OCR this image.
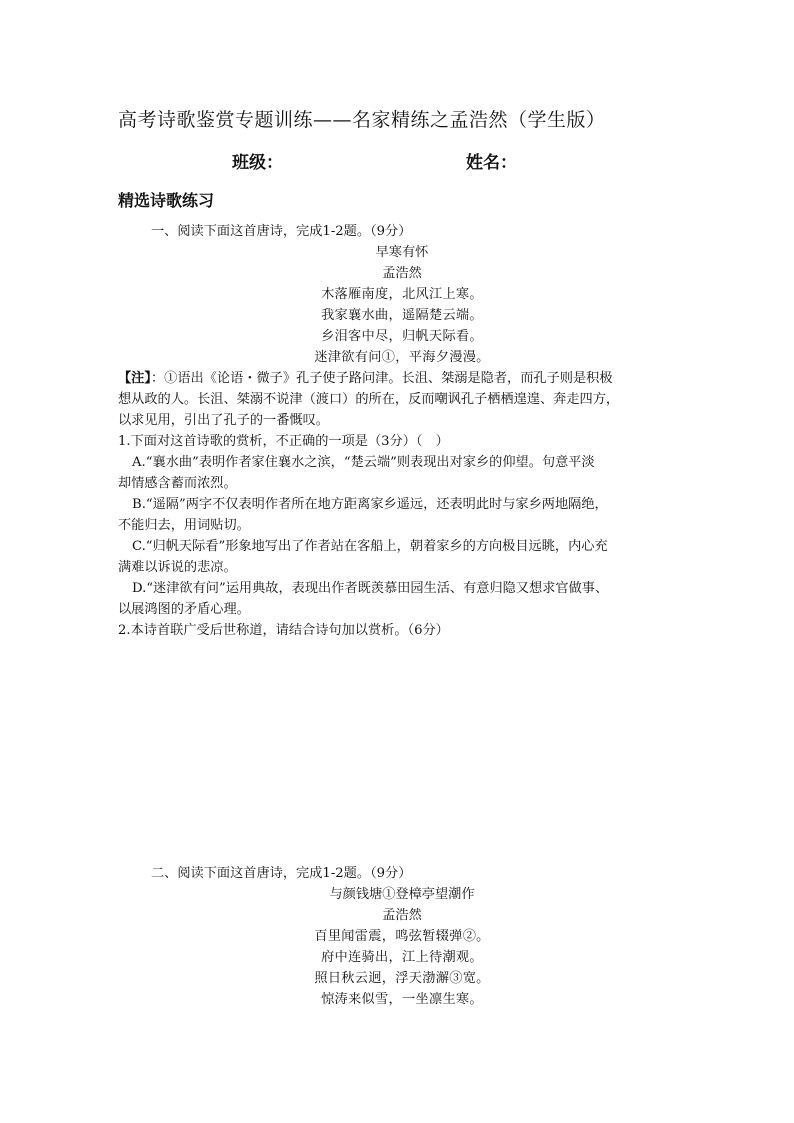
高考诗歌鉴赏专题训练——名家精练之孟浩然（学生版）
班级：	姓名：
精选诗歌练习
一、阅读下面这首唐诗，完成1-2题。（9分）
早寒有怀
孟浩然
木落雁南度，北风江上寒。
我家襄水曲，遥隔楚云端。
乡泪客中尽，归帆天际看。
迷津欲有问①，平海夕漫漫。
【注】：①语出《论语・微子》孔子使子路问津。长沮、桀溺是隐者，而孔子则是积极
想从政的人。长沮、桀溺不说津（渡口）的所在，反而嘲讽孔子栖栖遑遑、奔走四方，
以求见用，引出了孔子的一番慨叹。
1.下面对这首诗歌的赏析，不正确的一项是（3分）（　）
A.“襄水曲”表明作者家住襄水之滨，“楚云端”则表现出对家乡的仰望。句意平淡
却情感含蓄而浓烈。
B.“遥隔”两字不仅表明作者所在地方距离家乡遥远，还表明此时与家乡两地隔绝，
不能归去，用词贴切。
C.“归帆天际看”形象地写出了作者站在客船上，朝着家乡的方向极目远眺，内心充
满难以诉说的悲凉。
D.“迷津欲有问”运用典故，表现出作者既羡慕田园生活、有意归隐又想求官做事、
以展鸿图的矛盾心理。
2.本诗首联广受后世称道，请结合诗句加以赏析。（6分）
二、阅读下面这首唐诗，完成1-2题。（9分）
与颜钱塘①登樟亭望潮作
孟浩然
百里闻雷震，鸣弦暂辍弹②。
府中连骑出，江上待潮观。
照日秋云迥，浮天渤澥③宽。
惊涛来似雪，一坐凛生寒。
